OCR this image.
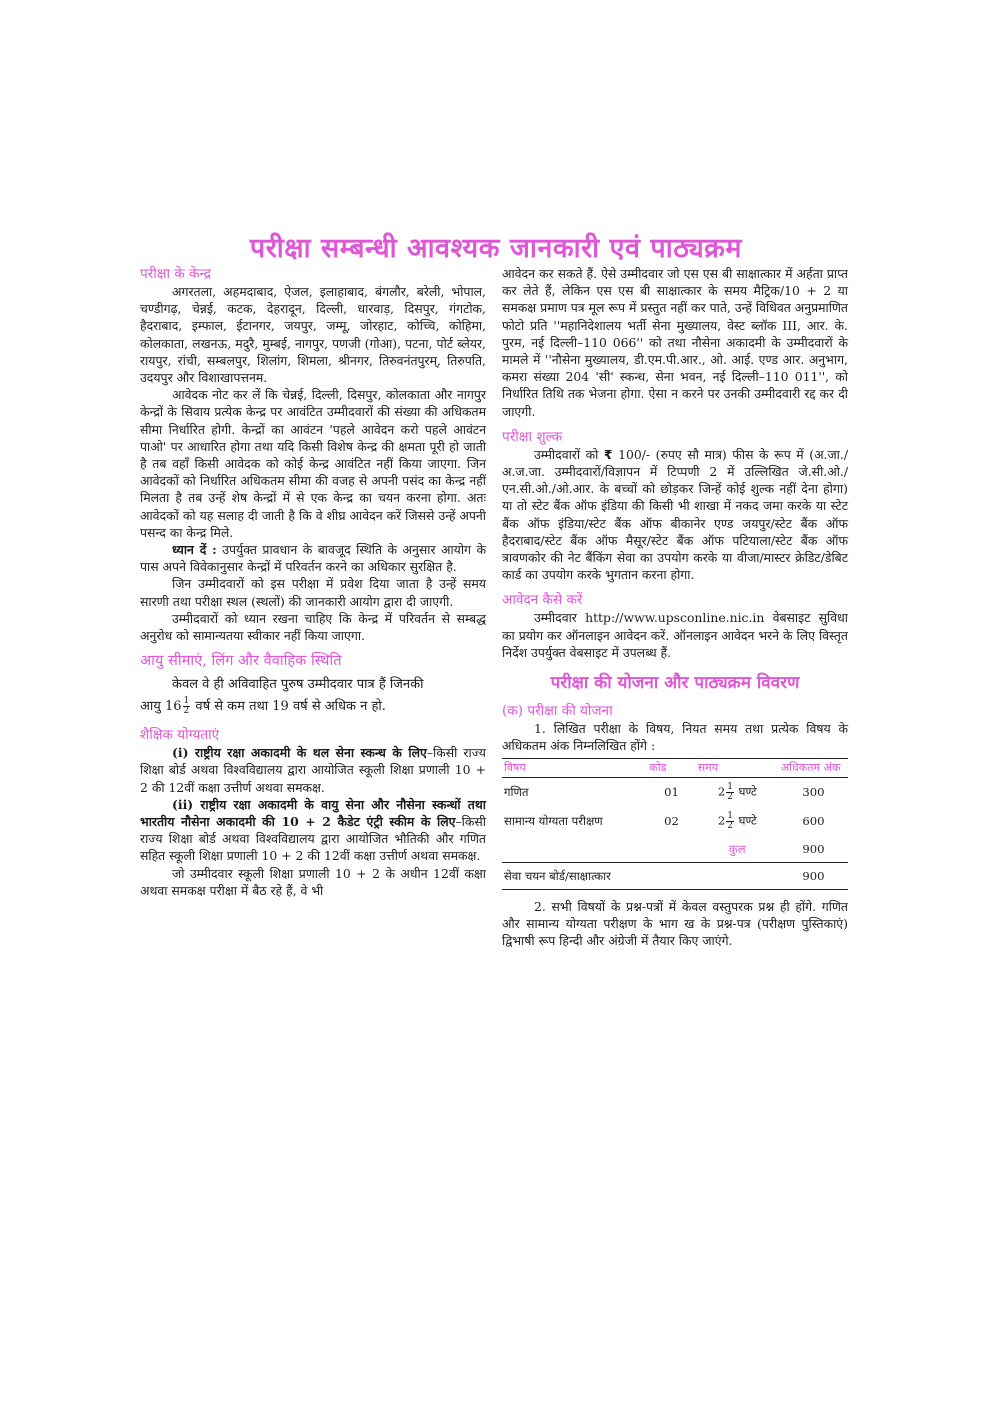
परीक्षा सम्बन्धी आवश्यक जानकारी एवं पाठ्यक्रम
परीक्षा के केन्द्र

अगरतला, अहमदाबाद, ऐजल, इलाहाबाद, बंगलौर, बरेली, भोपाल, चण्डीगढ़, चेन्नई, कटक, देहरादून, दिल्ली, धारवाड़, दिसपुर, गंगटोक, हैदराबाद, इम्फाल, ईटानगर, जयपुर, जम्मू, जोरहाट, कोच्चि, कोहिमा, कोलकाता, लखनऊ, मदुरै, मुम्बई, नागपुर, पणजी (गोआ), पटना, पोर्ट ब्लेयर, रायपुर, रांची, सम्बलपुर, शिलांग, शिमला, श्रीनगर, तिरुवनंतपुरम्, तिरुपति, उदयपुर और विशाखापत्तनम.

आवेदक नोट कर लें कि चेन्नई, दिल्ली, दिसपुर, कोलकाता और नागपुर केन्द्रों के सिवाय प्रत्येक केन्द्र पर आवंटित उम्मीदवारों की संख्या की अधिकतम सीमा निर्धारित होगी. केन्द्रों का आवंटन 'पहले आवेदन करो पहले आवंटन पाओ' पर आधारित होगा तथा यदि किसी विशेष केन्द्र की क्षमता पूरी हो जाती है तब वहाँ किसी आवेदक को कोई केन्द्र आवंटित नहीं किया जाएगा. जिन आवेदकों को निर्धारित अधिकतम सीमा की वजह से अपनी पसंद का केन्द्र नहीं मिलता है तब उन्हें शेष केन्द्रों में से एक केन्द्र का चयन करना होगा. अतः आवेदकों को यह सलाह दी जाती है कि वे शीघ्र आवेदन करें जिससे उन्हें अपनी पसन्द का केन्द्र मिले.

ध्यान दें : उपर्युक्त प्रावधान के बावजूद स्थिति के अनुसार आयोग के पास अपने विवेकानुसार केन्द्रों में परिवर्तन करने का अधिकार सुरक्षित है.

जिन उम्मीदवारों को इस परीक्षा में प्रवेश दिया जाता है उन्हें समय सारणी तथा परीक्षा स्थल (स्थलों) की जानकारी आयोग द्वारा दी जाएगी.

उम्मीदवारों को ध्यान रखना चाहिए कि केन्द्र में परिवर्तन से सम्बद्ध अनुरोध को सामान्यतया स्वीकार नहीं किया जाएगा.

आयु सीमाएं, लिंग और वैवाहिक स्थिति
केवल वे ही अविवाहित पुरुष उम्मीदवार पात्र हैं जिनकी
आयु $16 \frac{1}{2}$ वर्ष से कम तथा 19 वर्ष से अधिक न हो.
शैक्षिक योग्यताएं

(i) राष्ट्रीय रक्षा अकादमी के थल सेना स्कन्ध के लिए–किसी राज्य शिक्षा बोर्ड अथवा विश्वविद्यालय द्वारा आयोजित स्कूली शिक्षा प्रणाली 10 + 2 की 12वीं कक्षा उत्तीर्ण अथवा समकक्ष.

(ii) राष्ट्रीय रक्षा अकादमी के वायु सेना और नौसेना स्कन्धों तथा भारतीय नौसेना अकादमी की 10 + 2 कैडेट एंट्री स्कीम के लिए–किसी राज्य शिक्षा बोर्ड अथवा विश्वविद्यालय द्वारा आयोजित भौतिकी और गणित सहित स्कूली शिक्षा प्रणाली 10 + 2 की 12वीं कक्षा उत्तीर्ण अथवा समकक्ष.

जो उम्मीदवार स्कूली शिक्षा प्रणाली 10 + 2 के अधीन 12वीं कक्षा अथवा समकक्ष परीक्षा में बैठ रहे हैं, वे भी

आवेदन कर सकते हैं. ऐसे उम्मीदवार जो एस एस बी साक्षात्कार में अर्हता प्राप्त कर लेते हैं, लेकिन एस एस बी साक्षात्कार के समय मैट्रिक/10 + 2 या समकक्ष प्रमाण पत्र मूल रूप में प्रस्तुत नहीं कर पाते, उन्हें विधिवत अनुप्रमाणित फोटो प्रति ''महानिदेशालय भर्ती सेना मुख्यालय, वेस्ट ब्लॉक III, आर. के. पुरम, नई दिल्ली–110 066'' को तथा नौसेना अकादमी के उम्मीदवारों के मामले में ''नौसेना मुख्यालय, डी.एम.पी.आर., ओ. आई. एण्ड आर. अनुभाग, कमरा संख्या 204 'सी' स्कन्ध, सेना भवन, नई दिल्ली–110 011'', को निर्धारित तिथि तक भेजना होगा. ऐसा न करने पर उनकी उम्मीदवारी रद्द कर दी जाएगी.

परीक्षा शुल्क

उम्मीदवारों को ₹ 100/- (रुपए सौ मात्र) फीस के रूप में (अ.जा./अ.ज.जा. उम्मीदवारों/विज्ञापन में टिप्पणी 2 में उल्लिखित जे.सी.ओ./एन.सी.ओ./ओ.आर. के बच्चों को छोड़कर जिन्हें कोई शुल्क नहीं देना होगा) या तो स्टेट बैंक ऑफ इंडिया की किसी भी शाखा में नकद जमा करके या स्टेट बैंक ऑफ इंडिया/स्टेट बैंक ऑफ बीकानेर एण्ड जयपुर/स्टेट बैंक ऑफ हैदराबाद/स्टेट बैंक ऑफ मैसूर/स्टेट बैंक ऑफ पटियाला/स्टेट बैंक ऑफ त्रावणकोर की नेट बैंकिंग सेवा का उपयोग करके या वीजा/मास्टर क्रेडिट/डेबिट कार्ड का उपयोग करके भुगतान करना होगा.

आवेदन कैसे करें

उम्मीदवार http://www.upsconline.nic.in वेबसाइट सुविधा का प्रयोग कर ऑनलाइन आवेदन करें. ऑनलाइन आवेदन भरने के लिए विस्तृत निर्देश उपर्युक्त वेबसाइट में उपलब्ध हैं.

परीक्षा की योजना और पाठ्यक्रम विवरण
(क) परीक्षा की योजना

1. लिखित परीक्षा के विषय, नियत समय तथा प्रत्येक विषय के अधिकतम अंक निम्नलिखित होंगे :

विषय	कोड	समय	अधिकतम अंक
गणित	01	$2 \frac{1}{2}$ घण्टे	300
सामान्य योग्यता परीक्षण	02	$2 \frac{1}{2}$ घण्टे	600
		कुल	900
सेवा चयन बोर्ड/साक्षात्कार			900

2. सभी विषयों के प्रश्न-पत्रों में केवल वस्तुपरक प्रश्न ही होंगे. गणित और सामान्य योग्यता परीक्षण के भाग ख के प्रश्न-पत्र (परीक्षण पुस्तिकाएं) द्विभाषी रूप हिन्दी और अंग्रेजी में तैयार किए जाएंगे.
